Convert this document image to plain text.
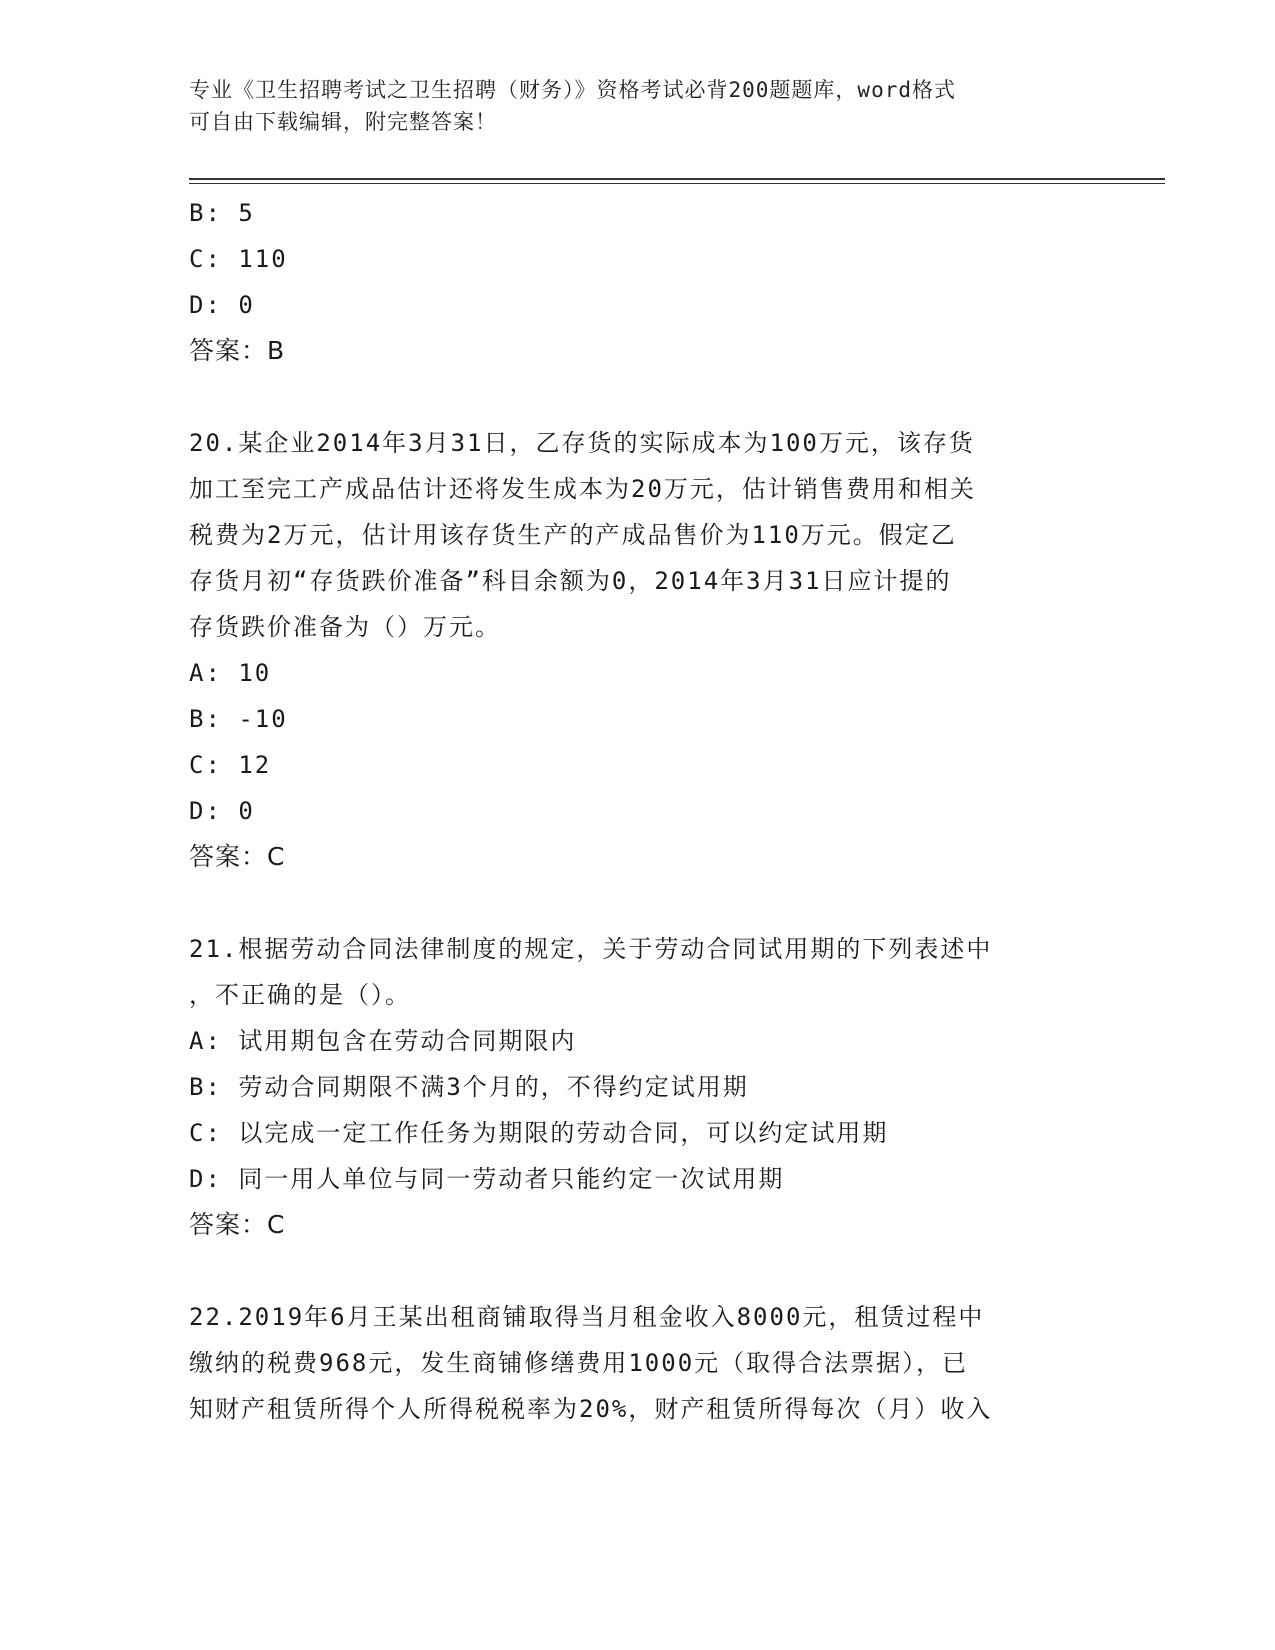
专业《卫生招聘考试之卫生招聘（财务）》资格考试必背200题题库，word格式
可自由下载编辑，附完整答案！
B: 5
C: 110
D: 0
答案：B
20.某企业2014年3月31日，乙存货的实际成本为100万元，该存货
加工至完工产成品估计还将发生成本为20万元，估计销售费用和相关
税费为2万元，估计用该存货生产的产成品售价为110万元。假定乙
存货月初“存货跌价准备”科目余额为0，2014年3月31日应计提的
存货跌价准备为（）万元。
A: 10
B: -10
C: 12
D: 0
答案：C
21.根据劳动合同法律制度的规定，关于劳动合同试用期的下列表述中
，不正确的是（）。
A: 试用期包含在劳动合同期限内
B: 劳动合同期限不满3个月的，不得约定试用期
C: 以完成一定工作任务为期限的劳动合同，可以约定试用期
D: 同一用人单位与同一劳动者只能约定一次试用期
答案：C
22.2019年6月王某出租商铺取得当月租金收入8000元，租赁过程中
缴纳的税费968元，发生商铺修缮费用1000元（取得合法票据），已
知财产租赁所得个人所得税税率为20%，财产租赁所得每次（月）收入
